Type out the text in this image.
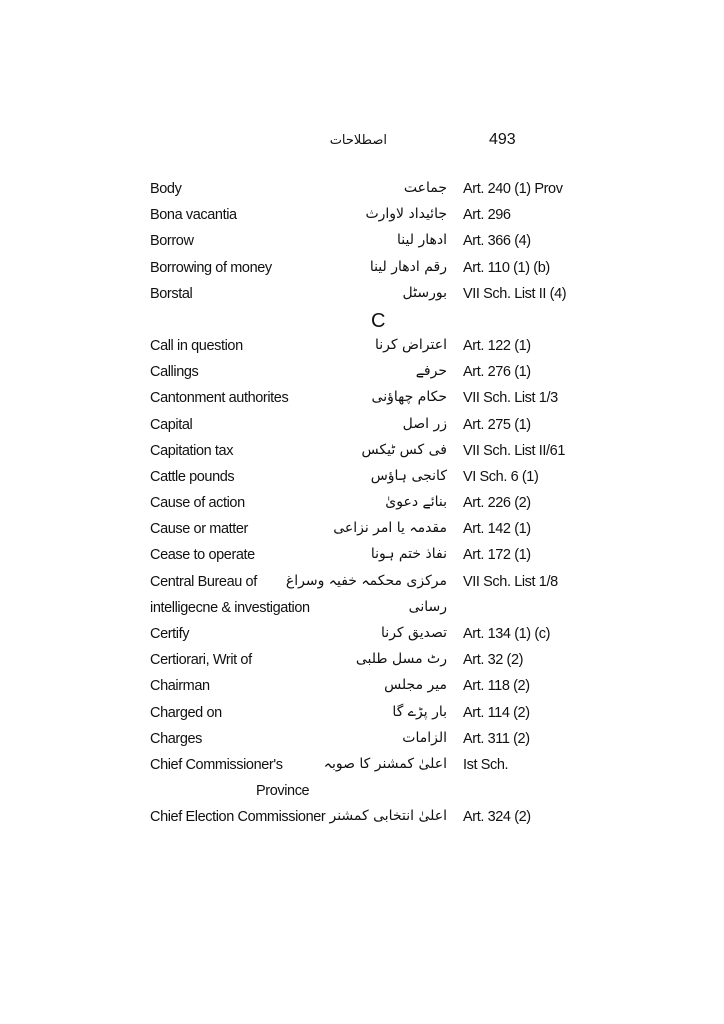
اصطلاحات	493
Body	جماعت Art. 240 (1) Prov
Bona vacantia	جائیداد لاوارث Art. 296
Borrow	ادھار لینا Art. 366 (4)
Borrowing of money	رقم ادھار لینا Art. 110 (1) (b)
Borstal	بورسٹل VII Sch. List II (4)
C
Call in question	اعتراض کرنا Art. 122 (1)
Callings	حرفے Art. 276 (1)
Cantonment authorites	حکام چھاؤنی VII Sch. List 1/3
Capital	زر اصل Art. 275 (1)
Capitation tax	فی کس ٹیکس VII Sch. List II/61
Cattle pounds	کانجی ہاؤس VI Sch. 6 (1)
Cause of action	بنائے دعویٰ Art. 226 (2)
Cause or matter	مقدمہ یا امر نزاعی Art. 142 (1)
Cease to operate	نفاذ ختم ہونا Art. 172 (1)
Central Bureau of مرکزی محکمہ خفیہ وسراغ VII Sch. List 1/8
intelligecne & investigation	رسانی
Certify	تصدیق کرنا Art. 134 (1) (c)
Certiorari, Writ of	رٹ مسل طلبی Art. 32 (2)
Chairman	میر مجلس Art. 118 (2)
Charged on	بار پڑے گا Art. 114 (2)
Charges	الزامات Art. 311 (2)
Chief Commissioner's	اعلیٰ کمشنر کا صوبہ Ist Sch.
Province
Chief Election Commissioner اعلیٰ انتخابی کمشنر Art. 324 (2)
